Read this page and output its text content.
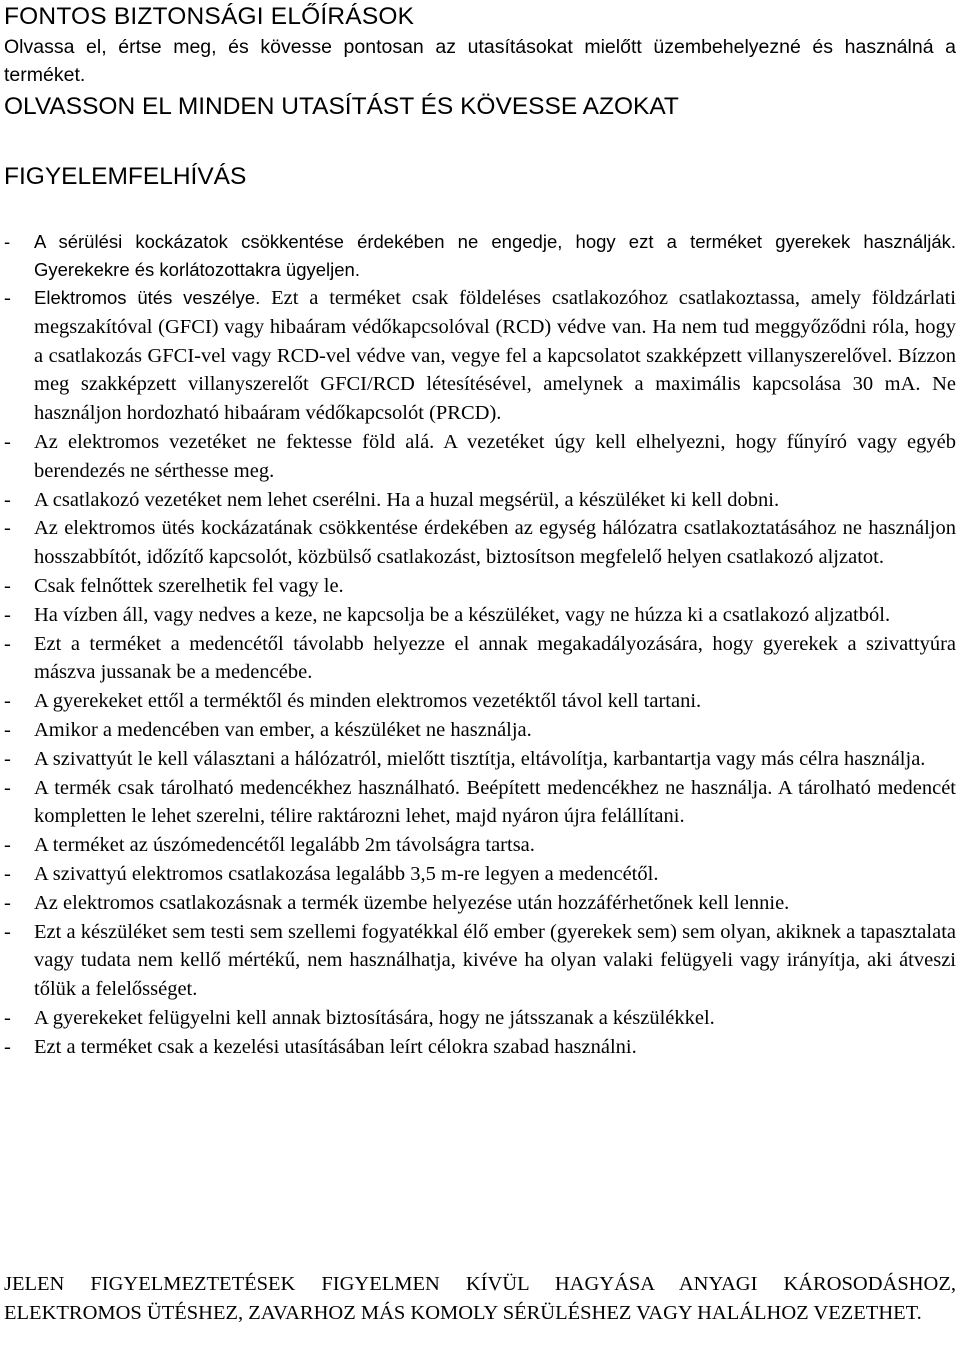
FONTOS BIZTONSÁGI ELŐÍRÁSOK
Olvassa el, értse meg, és kövesse pontosan az utasításokat mielőtt üzembehelyezné és használná a terméket.
OLVASSON EL MINDEN UTASÍTÁST ÉS KÖVESSE AZOKAT
FIGYELEMFELHÍVÁS
- A sérülési kockázatok csökkentése érdekében ne engedje, hogy ezt a terméket gyerekek használják. Gyerekekre és korlátozottakra ügyeljen.
- Elektromos ütés veszélye. Ezt a terméket csak földeléses csatlakozóhoz csatlakoztassa, amely földzárlati megszakítóval (GFCI) vagy hibaáram védőkapcsolóval (RCD) védve van. Ha nem tud meggyőződni róla, hogy a csatlakozás GFCI-vel vagy RCD-vel védve van, vegye fel a kapcsolatot szakképzett villanyszerelővel. Bízzon meg szakképzett villanyszerelőt GFCI/RCD létesítésével, amelynek a maximális kapcsolása 30 mA. Ne használjon hordozható hibaáram védőkapcsolót (PRCD).
- Az elektromos vezetéket ne fektesse föld alá. A vezetéket úgy kell elhelyezni, hogy fűnyíró vagy egyéb berendezés ne sérthesse meg.
- A csatlakozó vezetéket nem lehet cserélni. Ha a huzal megsérül, a készüléket ki kell dobni.
- Az elektromos ütés kockázatának csökkentése érdekében az egység hálózatra csatlakoztatásához ne használjon hosszabbítót, időzítő kapcsolót, közbülső csatlakozást, biztosítson megfelelő helyen csatlakozó aljzatot.
- Csak felnőttek szerelhetik fel vagy le.
- Ha vízben áll, vagy nedves a keze, ne kapcsolja be a készüléket, vagy ne húzza ki a csatlakozó aljzatból.
- Ezt a terméket a medencétől távolabb helyezze el annak megakadályozására, hogy gyerekek a szivattyúra mászva jussanak be a medencébe.
- A gyerekeket ettől a terméktől és minden elektromos vezetéktől távol kell tartani.
- Amikor a medencében van ember, a készüléket ne használja.
- A szivattyút le kell választani a hálózatról, mielőtt tisztítja, eltávolítja, karbantartja vagy más célra használja.
- A termék csak tárolható medencékhez használható. Beépített medencékhez ne használja. A tárolható medencét kompletten le lehet szerelni, télire raktározni lehet, majd nyáron újra felállítani.
- A terméket az úszómedencétől legalább 2m távolságra tartsa.
- A szivattyú elektromos csatlakozása legalább 3,5 m-re legyen a medencétől.
- Az elektromos csatlakozásnak a termék üzembe helyezése után hozzáférhetőnek kell lennie.
- Ezt a készüléket sem testi sem szellemi fogyatékkal élő ember (gyerekek sem) sem olyan, akiknek a tapasztalata vagy tudata nem kellő mértékű, nem használhatja, kivéve ha olyan valaki felügyeli vagy irányítja, aki átveszi tőlük a felelősséget.
- A gyerekeket felügyelni kell annak biztosítására, hogy ne játsszanak a készülékkel.
- Ezt a terméket csak a kezelési utasításában leírt célokra szabad használni.
JELEN FIGYELMEZTETÉSEK FIGYELMEN KÍVÜL HAGYÁSA ANYAGI KÁROSODÁSHOZ, ELEKTROMOS ÜTÉSHEZ, ZAVARHOZ MÁS KOMOLY SÉRÜLÉSHEZ VAGY HALÁLHOZ VEZETHET.
